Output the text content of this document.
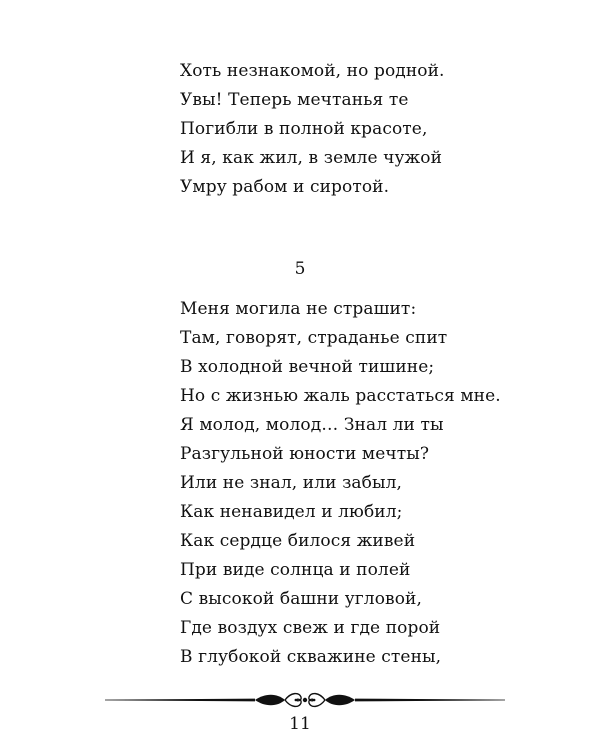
Хоть незнакомой, но родной.
Увы! Теперь мечтанья те
Погибли в полной красоте,
И я, как жил, в земле чужой
Умру рабом и сиротой.
5
Меня могила не страшит:
Там, говорят, страданье спит
В холодной вечной тишине;
Но с жизнью жаль расстаться мне.
Я молод, молод… Знал ли ты
Разгульной юности мечты?
Или не знал, или забыл,
Как ненавидел и любил;
Как сердце билося живей
При виде солнца и полей
С высокой башни угловой,
Где воздух свеж и где порой
В глубокой скважине стены,
11
